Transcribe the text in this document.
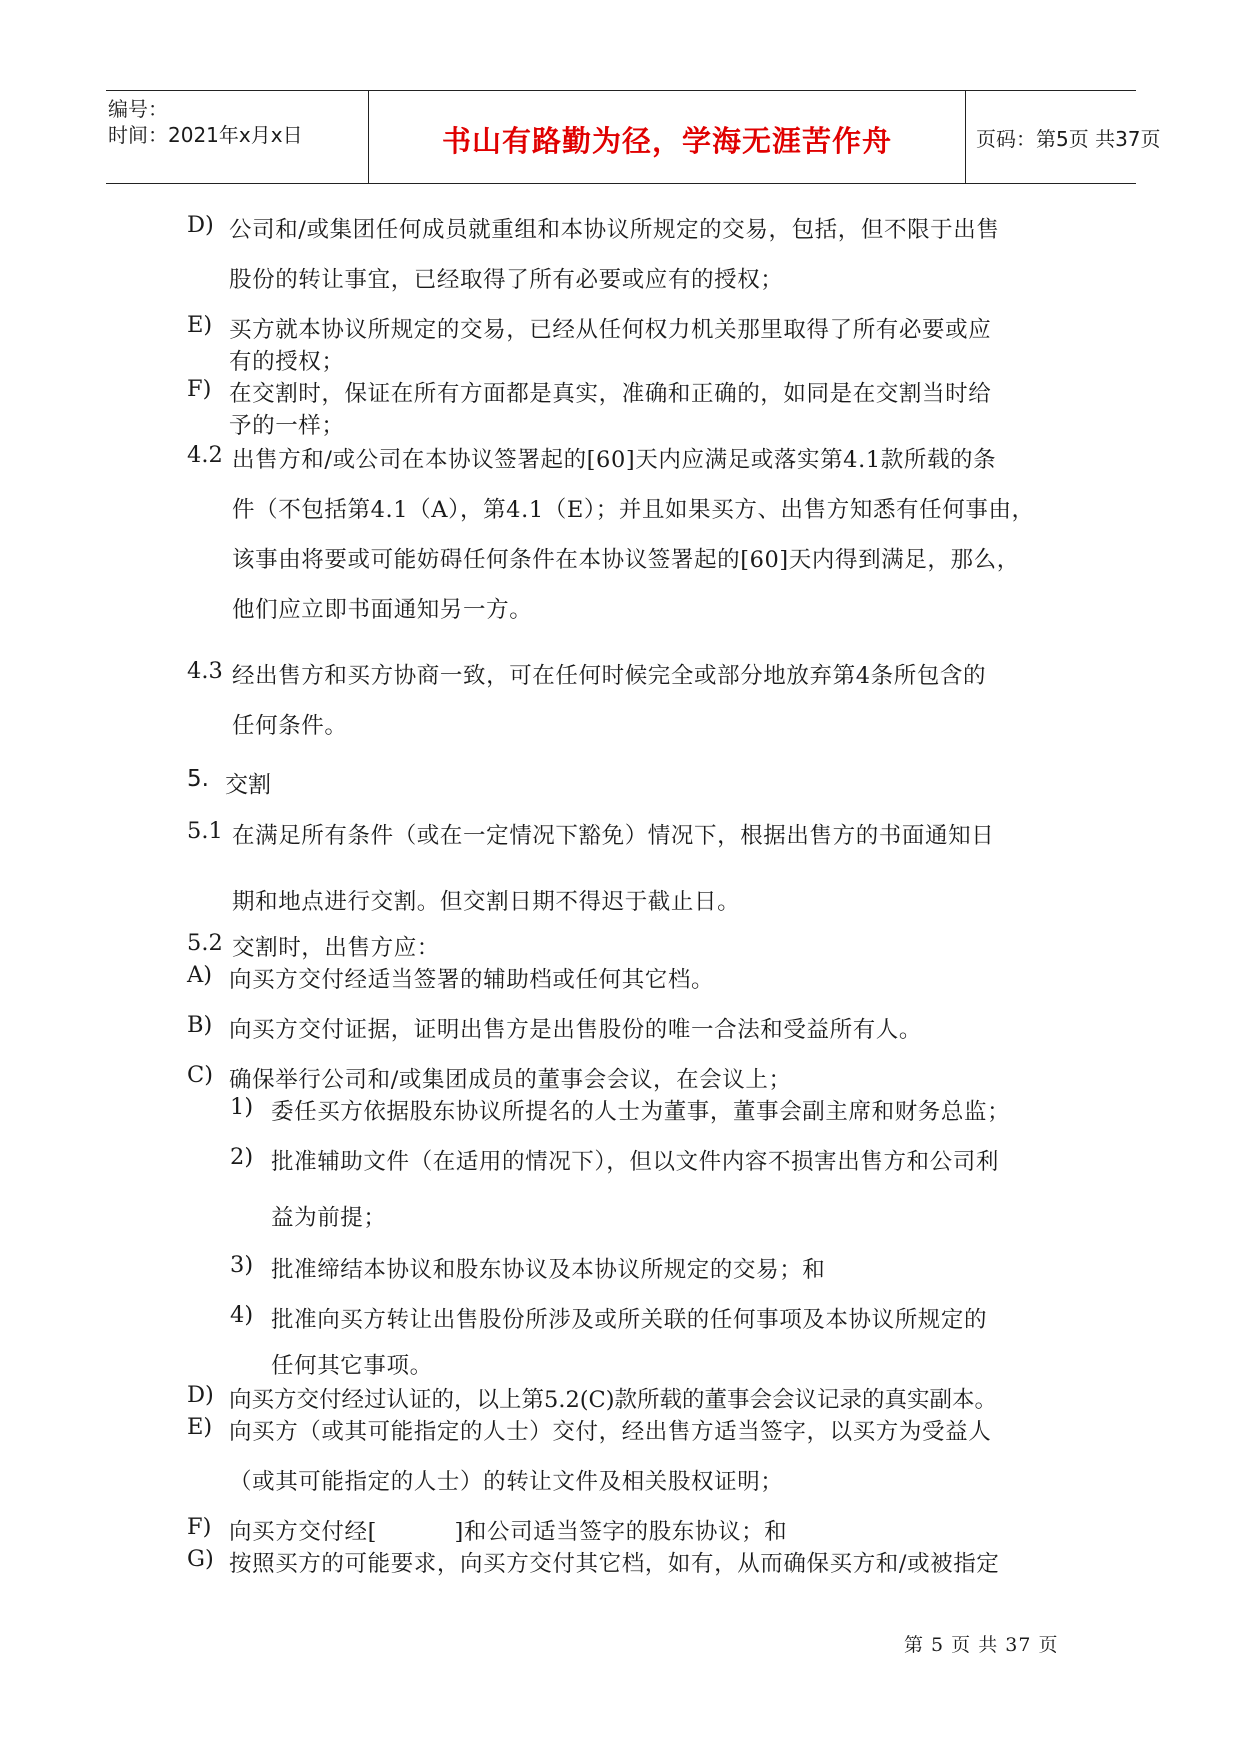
编号：
时间：2021年x月x日	书山有路勤为径，学海无涯苦作舟	页码：第5页 共37页
D) 公司和/或集团任何成员就重组和本协议所规定的交易，包括，但不限于出售
股份的转让事宜，已经取得了所有必要或应有的授权；
E) 买方就本协议所规定的交易，已经从任何权力机关那里取得了所有必要或应
有的授权；
F) 在交割时，保证在所有方面都是真实，准确和正确的，如同是在交割当时给
予的一样；
4.2 出售方和/或公司在本协议签署起的[60]天内应满足或落实第4.1款所载的条
件（不包括第4.1（A），第4.1（E）；并且如果买方、出售方知悉有任何事由，
该事由将要或可能妨碍任何条件在本协议签署起的[60]天内得到满足，那么，
他们应立即书面通知另一方。
4.3 经出售方和买方协商一致，可在任何时候完全或部分地放弃第4条所包含的
任何条件。
5. 交割
5.1 在满足所有条件（或在一定情况下豁免）情况下，根据出售方的书面通知日
期和地点进行交割。但交割日期不得迟于截止日。
5.2 交割时，出售方应：
A) 向买方交付经适当签署的辅助档或任何其它档。
B) 向买方交付证据，证明出售方是出售股份的唯一合法和受益所有人。
C) 确保举行公司和/或集团成员的董事会会议，在会议上；
1) 委任买方依据股东协议所提名的人士为董事，董事会副主席和财务总监；
2) 批准辅助文件（在适用的情况下），但以文件内容不损害出售方和公司利
益为前提；
3) 批准缔结本协议和股东协议及本协议所规定的交易；和
4) 批准向买方转让出售股份所涉及或所关联的任何事项及本协议所规定的
任何其它事项。
D) 向买方交付经过认证的，以上第5.2(C)款所载的董事会会议记录的真实副本。
E) 向买方（或其可能指定的人士）交付，经出售方适当签字，以买方为受益人
（或其可能指定的人士）的转让文件及相关股权证明；
F) 向买方交付经[          ]和公司适当签字的股东协议；和
G) 按照买方的可能要求，向买方交付其它档，如有，从而确保买方和/或被指定
第 5 页 共 37 页
